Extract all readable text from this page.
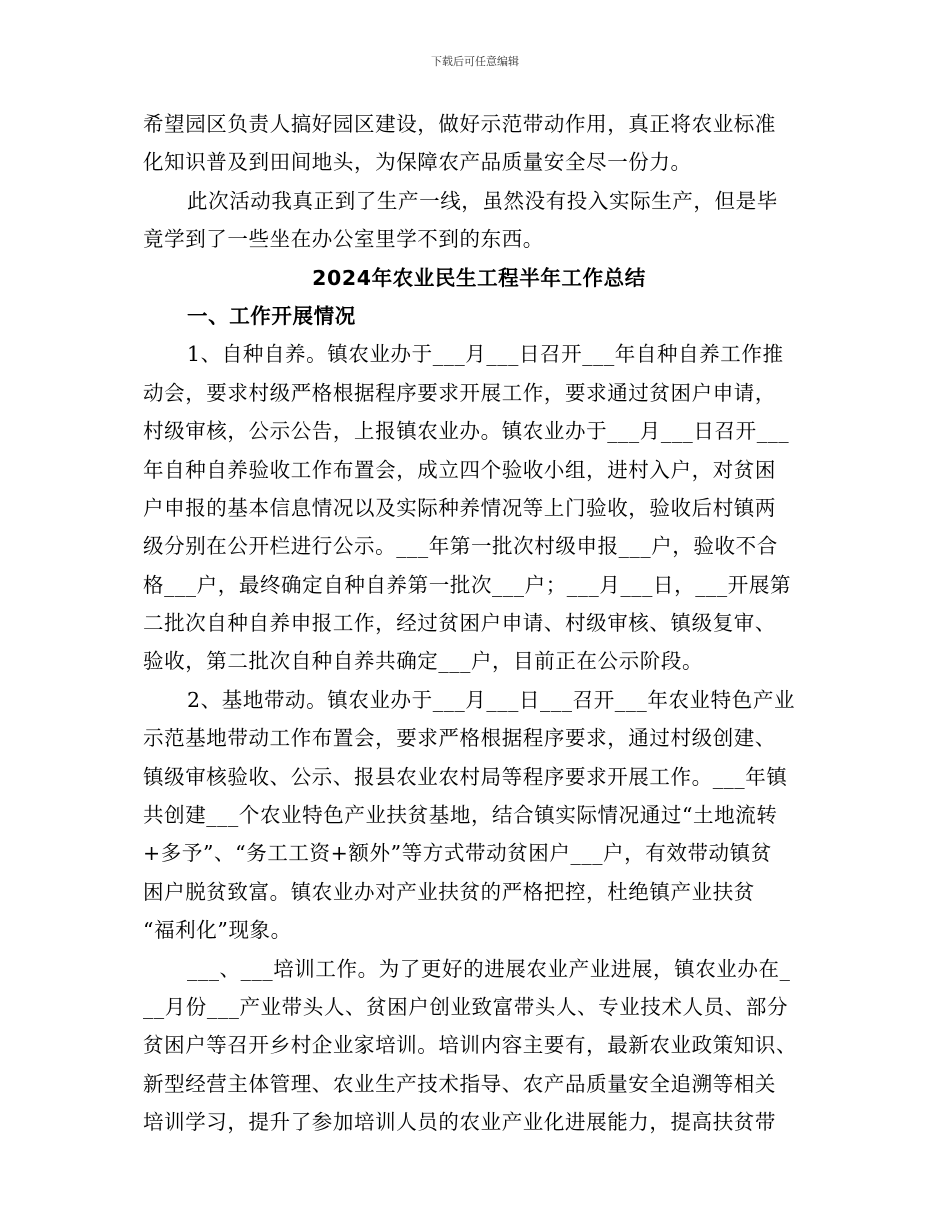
下载后可任意编辑
希望园区负责人搞好园区建设，做好示范带动作用，真正将农业标准
化知识普及到田间地头，为保障农产品质量安全尽一份力。
此次活动我真正到了生产一线，虽然没有投入实际生产，但是毕
竟学到了一些坐在办公室里学不到的东西。
2024年农业民生工程半年工作总结
一、工作开展情况
1、自种自养。镇农业办于___月___日召开___年自种自养工作推
动会，要求村级严格根据程序要求开展工作，要求通过贫困户申请，
村级审核，公示公告，上报镇农业办。镇农业办于___月___日召开___
年自种自养验收工作布置会，成立四个验收小组，进村入户，对贫困
户申报的基本信息情况以及实际种养情况等上门验收，验收后村镇两
级分别在公开栏进行公示。___年第一批次村级申报___户，验收不合
格___户，最终确定自种自养第一批次___户；___月___日，___开展第
二批次自种自养申报工作，经过贫困户申请、村级审核、镇级复审、
验收，第二批次自种自养共确定___户，目前正在公示阶段。
2、基地带动。镇农业办于___月___日___召开___年农业特色产业
示范基地带动工作布置会，要求严格根据程序要求，通过村级创建、
镇级审核验收、公示、报县农业农村局等程序要求开展工作。___年镇
共创建___个农业特色产业扶贫基地，结合镇实际情况通过“土地流转
+多予”、“务工工资+额外”等方式带动贫困户___户，有效带动镇贫
困户脱贫致富。镇农业办对产业扶贫的严格把控，杜绝镇产业扶贫
“福利化”现象。
___、___培训工作。为了更好的进展农业产业进展，镇农业办在_
__月份___产业带头人、贫困户创业致富带头人、专业技术人员、部分
贫困户等召开乡村企业家培训。培训内容主要有，最新农业政策知识、
新型经营主体管理、农业生产技术指导、农产品质量安全追溯等相关
培训学习，提升了参加培训人员的农业产业化进展能力，提高扶贫带
